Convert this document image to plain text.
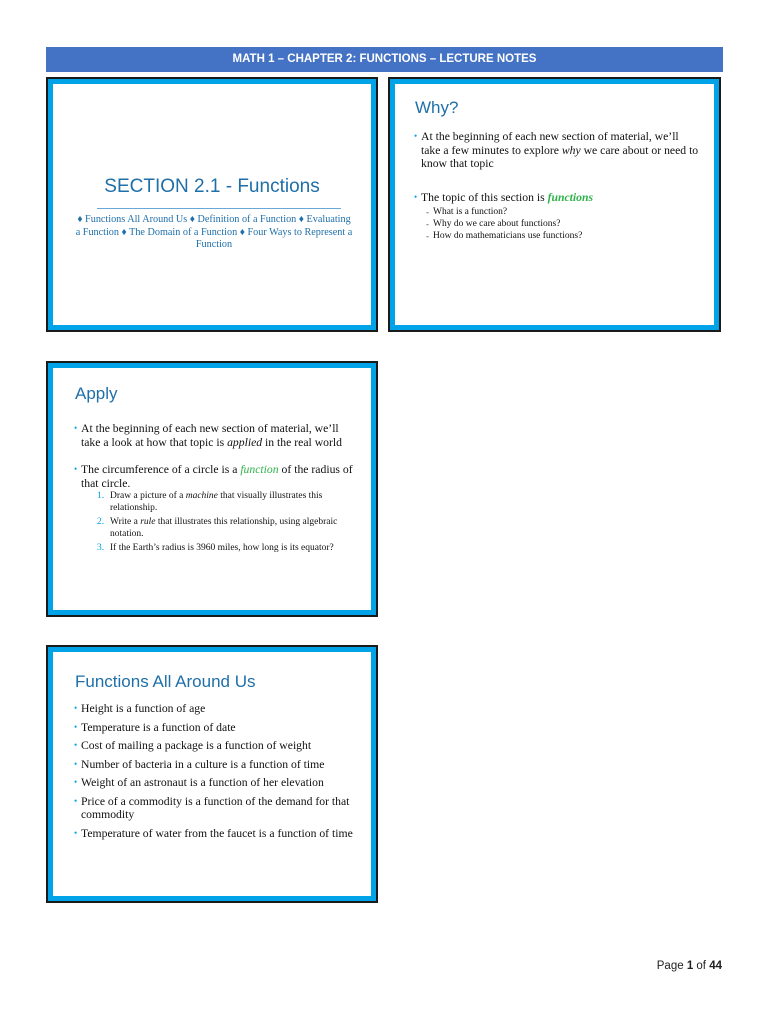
MATH 1 – CHAPTER 2: FUNCTIONS – LECTURE NOTES
SECTION 2.1 - Functions
♦ Functions All Around Us ♦ Definition of a Function ♦ Evaluating a Function ♦ The Domain of a Function ♦ Four Ways to Represent a Function
Why?
• At the beginning of each new section of material, we’ll take a few minutes to explore why we care about or need to know that topic
• The topic of this section is functions
- What is a function?
- Why do we care about functions?
- How do mathematicians use functions?
Apply
• At the beginning of each new section of material, we’ll take a look at how that topic is applied in the real world
• The circumference of a circle is a function of the radius of that circle.
1. Draw a picture of a machine that visually illustrates this relationship.
2. Write a rule that illustrates this relationship, using algebraic notation.
3. If the Earth’s radius is 3960 miles, how long is its equator?
Functions All Around Us
• Height is a function of age
• Temperature is a function of date
• Cost of mailing a package is a function of weight
• Number of bacteria in a culture is a function of time
• Weight of an astronaut is a function of her elevation
• Price of a commodity is a function of the demand for that commodity
• Temperature of water from the faucet is a function of time
Page 1 of 44
